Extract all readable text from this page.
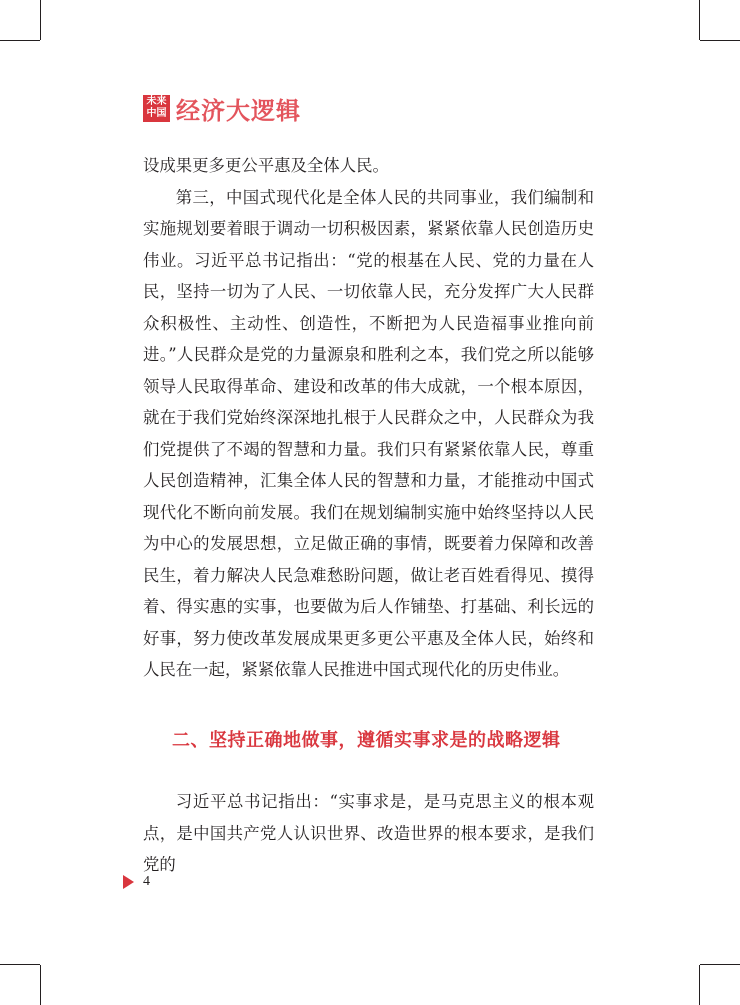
未来
中国 经济大逻辑

设成果更多更公平惠及全体人民。

第三，中国式现代化是全体人民的共同事业，我们编制和实施规划要着眼于调动一切积极因素，紧紧依靠人民创造历史伟业。习近平总书记指出：“党的根基在人民、党的力量在人民，坚持一切为了人民、一切依靠人民，充分发挥广大人民群众积极性、主动性、创造性，不断把为人民造福事业推向前进。”人民群众是党的力量源泉和胜利之本，我们党之所以能够领导人民取得革命、建设和改革的伟大成就，一个根本原因，就在于我们党始终深深地扎根于人民群众之中，人民群众为我们党提供了不竭的智慧和力量。我们只有紧紧依靠人民，尊重人民创造精神，汇集全体人民的智慧和力量，才能推动中国式现代化不断向前发展。我们在规划编制实施中始终坚持以人民为中心的发展思想，立足做正确的事情，既要着力保障和改善民生，着力解决人民急难愁盼问题，做让老百姓看得见、摸得着、得实惠的实事，也要做为后人作铺垫、打基础、利长远的好事，努力使改革发展成果更多更公平惠及全体人民，始终和人民在一起，紧紧依靠人民推进中国式现代化的历史伟业。

二、坚持正确地做事，遵循实事求是的战略逻辑

习近平总书记指出：“实事求是，是马克思主义的根本观点，是中国共产党人认识世界、改造世界的根本要求，是我们党的

4
